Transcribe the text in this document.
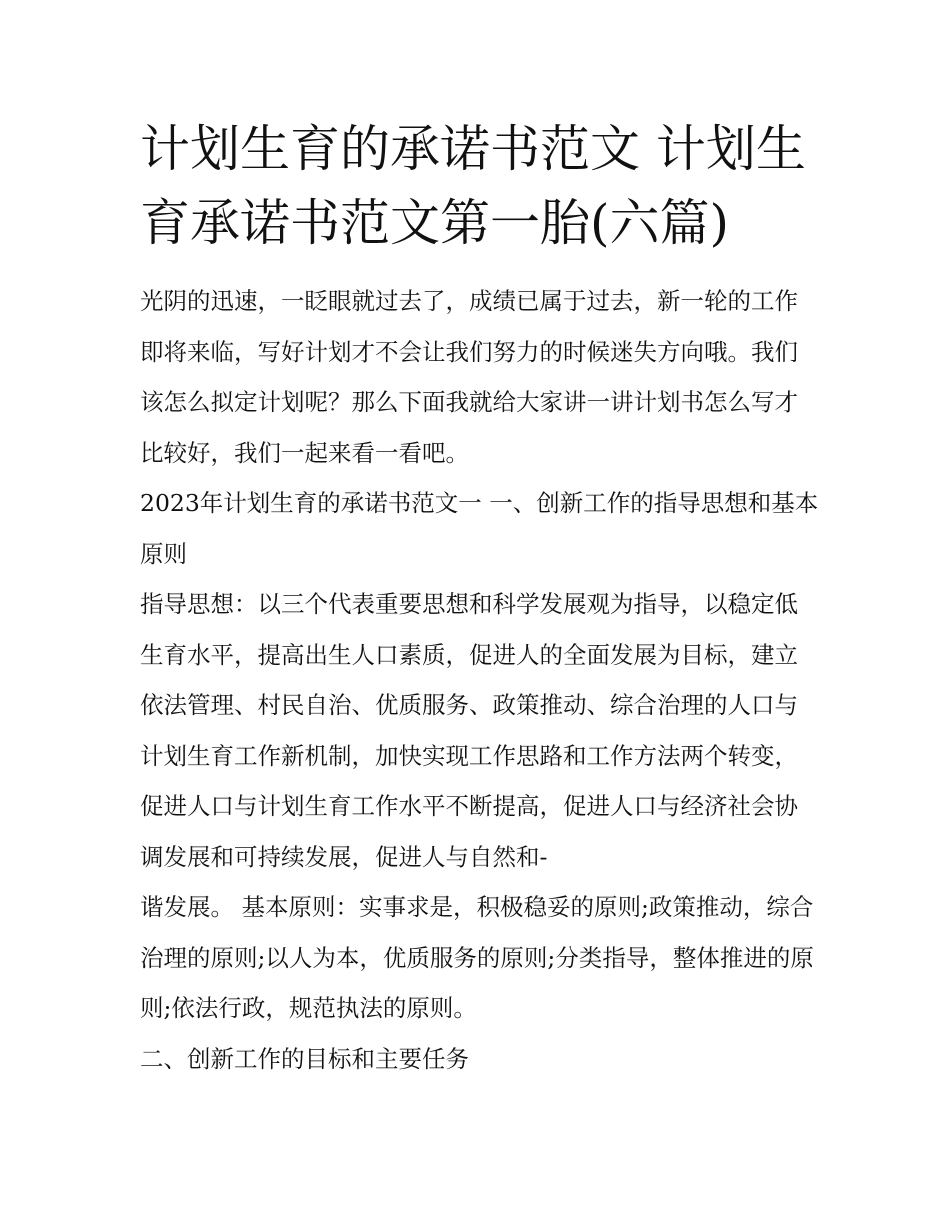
计划生育的承诺书范文 计划生育承诺书范文第一胎(六篇)

光阴的迅速，一眨眼就过去了，成绩已属于过去，新一轮的工作即将来临，写好计划才不会让我们努力的时候迷失方向哦。我们该怎么拟定计划呢？那么下面我就给大家讲一讲计划书怎么写才比较好，我们一起来看一看吧。

2023年计划生育的承诺书范文一 一、创新工作的指导思想和基本原则

指导思想：以三个代表重要思想和科学发展观为指导，以稳定低生育水平，提高出生人口素质，促进人的全面发展为目标，建立依法管理、村民自治、优质服务、政策推动、综合治理的人口与计划生育工作新机制，加快实现工作思路和工作方法两个转变，促进人口与计划生育工作水平不断提高，促进人口与经济社会协调发展和可持续发展，促进人与自然和-

谐发展。 基本原则：实事求是，积极稳妥的原则;政策推动，综合治理的原则;以人为本，优质服务的原则;分类指导，整体推进的原则;依法行政，规范执法的原则。

二、创新工作的目标和主要任务
